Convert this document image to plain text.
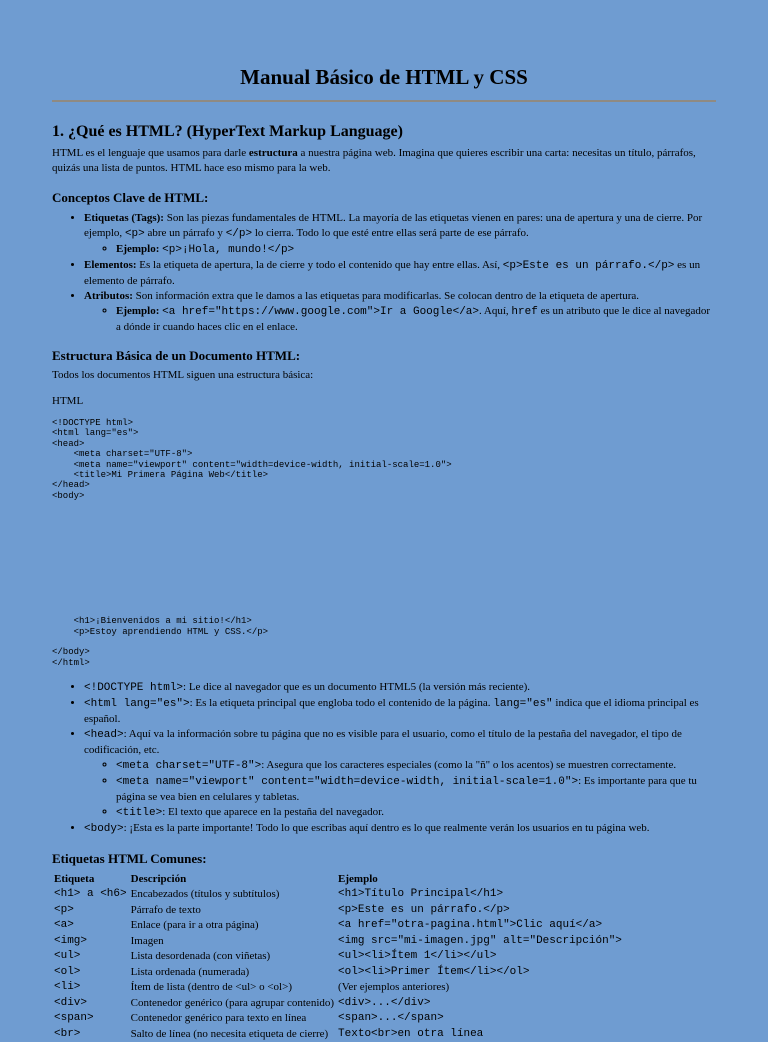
Manual Básico de HTML y CSS
1. ¿Qué es HTML? (HyperText Markup Language)

HTML es el lenguaje que usamos para darle estructura a nuestra página web. Imagina que quieres escribir una carta: necesitas un título, párrafos, quizás una lista de puntos. HTML hace eso mismo para la web.

Conceptos Clave de HTML:
• Etiquetas (Tags): Son las piezas fundamentales de HTML. La mayoría de las etiquetas vienen en pares: una de apertura y una de cierre. Por ejemplo, <p> abre un párrafo y </p> lo cierra. Todo lo que esté entre ellas será parte de ese párrafo.
◦ Ejemplo: <p>¡Hola, mundo!</p>
• Elementos: Es la etiqueta de apertura, la de cierre y todo el contenido que hay entre ellas. Así, <p>Este es un párrafo.</p> es un elemento de párrafo.
• Atributos: Son información extra que le damos a las etiquetas para modificarlas. Se colocan dentro de la etiqueta de apertura.
◦ Ejemplo: <a href="https://www.google.com">Ir a Google</a>. Aquí, href es un atributo que le dice al navegador a dónde ir cuando haces clic en el enlace.
Estructura Básica de un Documento HTML:

Todos los documentos HTML siguen una estructura básica:

HTML

<!DOCTYPE html>
<html lang="es">
<head>
<meta charset="UTF-8">
<meta name="viewport" content="width=device-width, initial-scale=1.0">
<title>Mi Primera Página Web</title>
</head>
<body>
<h1>¡Bienvenidos a mi sitio!</h1>
<p>Estoy aprendiendo HTML y CSS.</p>

</body>
</html>
• <!DOCTYPE html>: Le dice al navegador que es un documento HTML5 (la versión más reciente).
• <html lang="es">: Es la etiqueta principal que engloba todo el contenido de la página. lang="es" indica que el idioma principal es español.
• <head>: Aquí va la información sobre tu página que no es visible para el usuario, como el título de la pestaña del navegador, el tipo de codificación, etc.
◦ <meta charset="UTF-8">: Asegura que los caracteres especiales (como la "ñ" o los acentos) se muestren correctamente.
◦ <meta name="viewport" content="width=device-width, initial-scale=1.0">: Es importante para que tu página se vea bien en celulares y tabletas.
◦ <title>: El texto que aparece en la pestaña del navegador.
• <body>: ¡Esta es la parte importante! Todo lo que escribas aquí dentro es lo que realmente verán los usuarios en tu página web.
Etiquetas HTML Comunes:
Etiqueta	Descripción	Ejemplo
<h1> a <h6>	Encabezados (títulos y subtítulos)	<h1>Título Principal</h1>
<p>	Párrafo de texto	<p>Este es un párrafo.</p>
<a>	Enlace (para ir a otra página)	<a href="otra-pagina.html">Clic aquí</a>
<img>	Imagen	<img src="mi-imagen.jpg" alt="Descripción">
<ul>	Lista desordenada (con viñetas)	<ul><li>Ítem 1</li></ul>
<ol>	Lista ordenada (numerada)	<ol><li>Primer Ítem</li></ol>
<li>	Ítem de lista (dentro de <ul> o <ol>)	(Ver ejemplos anteriores)
<div>	Contenedor genérico (para agrupar contenido)	<div>...</div>
<span>	Contenedor genérico para texto en línea	<span>...</span>
<br>	Salto de línea (no necesita etiqueta de cierre)	Texto<br>en otra línea
